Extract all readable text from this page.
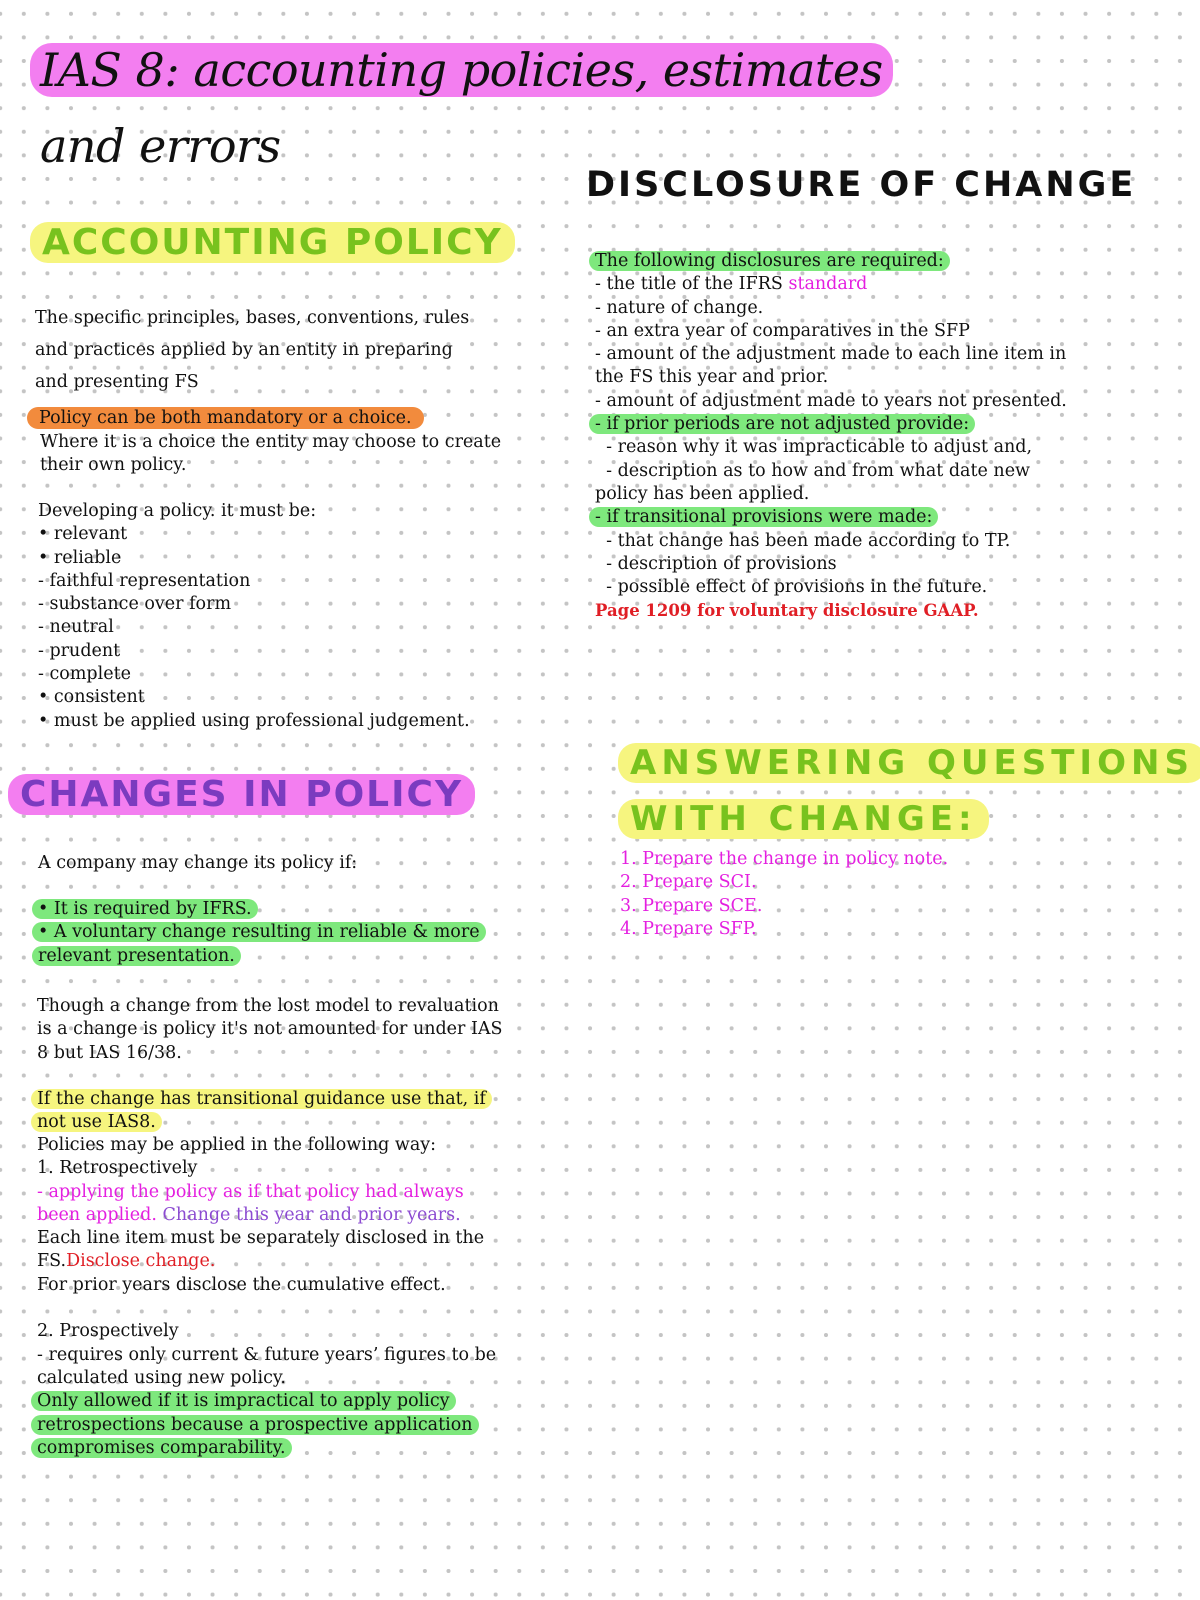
IAS 8: accounting policies, estimates
and errors
ACCOUNTING POLICY
The specific principles, bases, conventions, rules
and practices applied by an entity in preparing
and presenting FS
Policy can be both mandatory or a choice.
Where it is a choice the entity may choose to create
their own policy.
Developing a policy. it must be:
• relevant
• reliable
- faithful representation
- substance over form
- neutral
- prudent
- complete
• consistent
• must be applied using professional judgement.
CHANGES IN POLICY
A company may change its policy if:
• It is required by IFRS.
• A voluntary change resulting in reliable & more
relevant presentation.
Though a change from the lost model to revaluation
is a change is policy it's not amounted for under IAS
8 but IAS 16/38.
If the change has transitional guidance use that, if
not use IAS8.
Policies may be applied in the following way:
1. Retrospectively
- applying the policy as if that policy had always
been applied. Change this year and prior years.
Each line item must be separately disclosed in the
FS.Disclose change.
For prior years disclose the cumulative effect.
2. Prospectively
- requires only current & future years’ figures to be
calculated using new policy.
Only allowed if it is impractical to apply policy
retrospections because a prospective application
compromises comparability.
DISCLOSURE OF CHANGE
The following disclosures are required:
- the title of the IFRS standard
- nature of change.
- an extra year of comparatives in the SFP
- amount of the adjustment made to each line item in
the FS this year and prior.
- amount of adjustment made to years not presented.
- if prior periods are not adjusted provide:
- reason why it was impracticable to adjust and,
- description as to how and from what date new
policy has been applied.
- if transitional provisions were made:
- that change has been made according to TP.
- description of provisions
- possible effect of provisions in the future.
Page 1209 for voluntary disclosure GAAP.
ANSWERING QUESTIONS
WITH CHANGE:
1. Prepare the change in policy note.
2. Prepare SCI.
3. Prepare SCE.
4. Prepare SFP.
